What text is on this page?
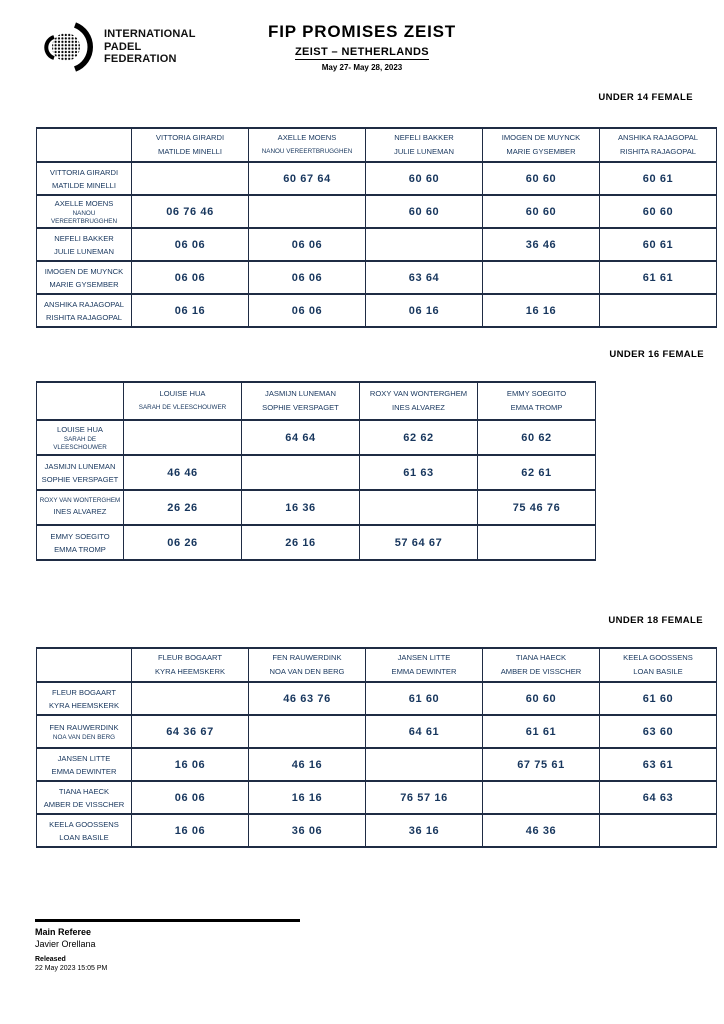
INTERNATIONAL
PADEL
FEDERATION
FIP PROMISES ZEIST
ZEIST – NETHERLANDS
May 27- May 28, 2023
UNDER 14 FEMALE
UNDER 16 FEMALE
UNDER 18 FEMALE

VITTORIA GIRARDI
MATILDE MINELLI

AXELLE MOENS
NANOU VEREERTBRUGGHEN

NEFELI BAKKER
JULIE LUNEMAN

IMOGEN DE MUYNCK
MARIE GYSEMBER

ANSHIKA RAJAGOPAL
RISHITA RAJAGOPAL

VITTORIA GIRARDI
MATILDE MINELLI		60 67 64	60 60	60 60	60 61

AXELLE MOENS
NANOU VEREERTBRUGGHEN	06 76 46		60 60	60 60	60 60

NEFELI BAKKER
JULIE LUNEMAN	06 06	06 06		36 46	60 61

IMOGEN DE MUYNCK
MARIE GYSEMBER	06 06	06 06	63 64		61 61

ANSHIKA RAJAGOPAL
RISHITA RAJAGOPAL	06 16	06 06	06 16	16 16	

LOUISE HUA
SARAH DE VLEESCHOUWER

JASMIJN LUNEMAN
SOPHIE VERSPAGET

ROXY VAN WONTERGHEM
INES ALVAREZ

EMMY SOEGITO
EMMA TROMP

LOUISE HUA
SARAH DE VLEESCHOUWER		64 64	62 62	60 62

JASMIJN LUNEMAN
SOPHIE VERSPAGET	46 46		61 63	62 61

ROXY VAN WONTERGHEM
INES ALVAREZ	26 26	16 36		75 46 76

EMMY SOEGITO
EMMA TROMP	06 26	26 16	57 64 67	

FLEUR BOGAART
KYRA HEEMSKERK

FEN RAUWERDINK
NOA VAN DEN BERG

JANSEN LITTE
EMMA DEWINTER

TIANA HAECK
AMBER DE VISSCHER

KEELA GOOSSENS
LOAN BASILE

FLEUR BOGAART
KYRA HEEMSKERK		46 63 76	61 60	60 60	61 60

FEN RAUWERDINK
NOA VAN DEN BERG	64 36 67		64 61	61 61	63 60

JANSEN LITTE
EMMA DEWINTER	16 06	46 16		67 75 61	63 61

TIANA HAECK
AMBER DE VISSCHER	06 06	16 16	76 57 16		64 63

KEELA GOOSSENS
LOAN BASILE	16 06	36 06	36 16	46 36	
Main Referee
Javier Orellana
Released
22 May 2023 15:05 PM
